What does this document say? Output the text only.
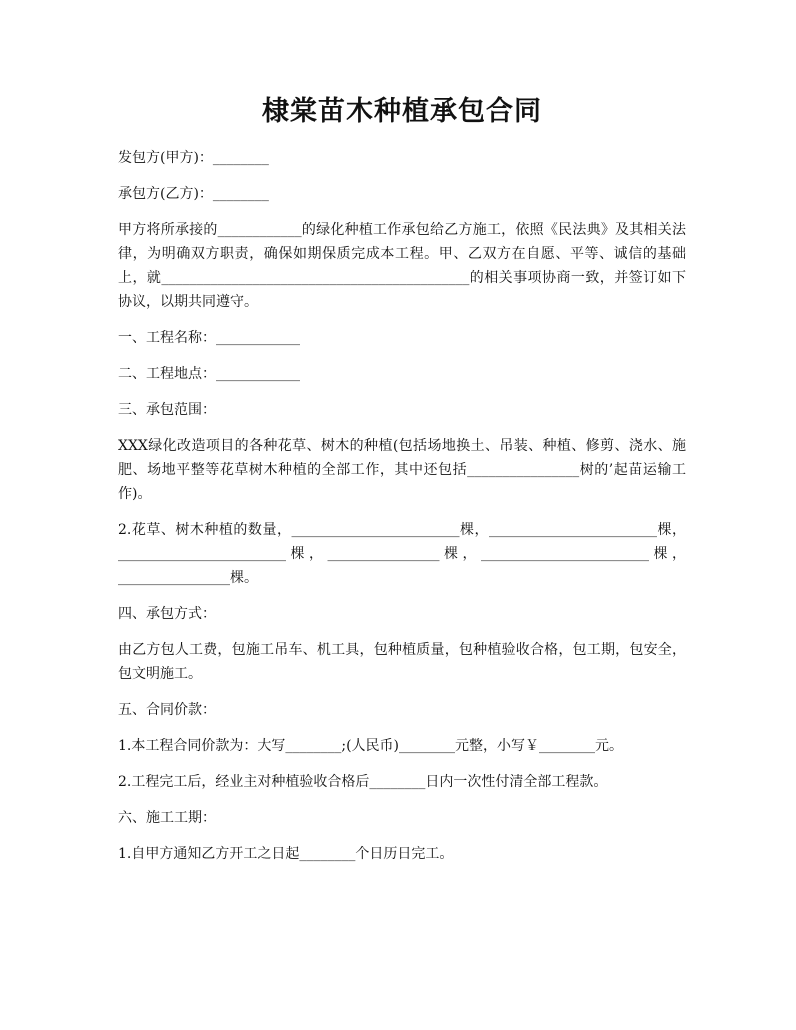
棣棠苗木种植承包合同

发包方(甲方)：________

承包方(乙方)：________

甲方将所承接的____________的绿化种植工作承包给乙方施工，依照《民法典》及其相关法律，为明确双方职责，确保如期保质完成本工程。甲、乙双方在自愿、平等、诚信的基础上，就____________________________________________的相关事项协商一致，并签订如下协议，以期共同遵守。

一、工程名称：____________

二、工程地点：____________

三、承包范围：

XXX绿化改造项目的各种花草、树木的种植(包括场地换土、吊装、种植、修剪、浇水、施肥、场地平整等花草树木种植的全部工作，其中还包括________________树的’起苗运输工作)。

2.花草、树木种植的数量，________________________棵，________________________棵，________________________棵，________________棵，________________________棵，________________棵。

四、承包方式：

由乙方包人工费，包施工吊车、机工具，包种植质量，包种植验收合格，包工期，包安全，包文明施工。

五、合同价款：

1.本工程合同价款为：大写________;(人民币)________元整，小写￥________元。

2.工程完工后，经业主对种植验收合格后________日内一次性付清全部工程款。

六、施工工期：

1.自甲方通知乙方开工之日起________个日历日完工。
